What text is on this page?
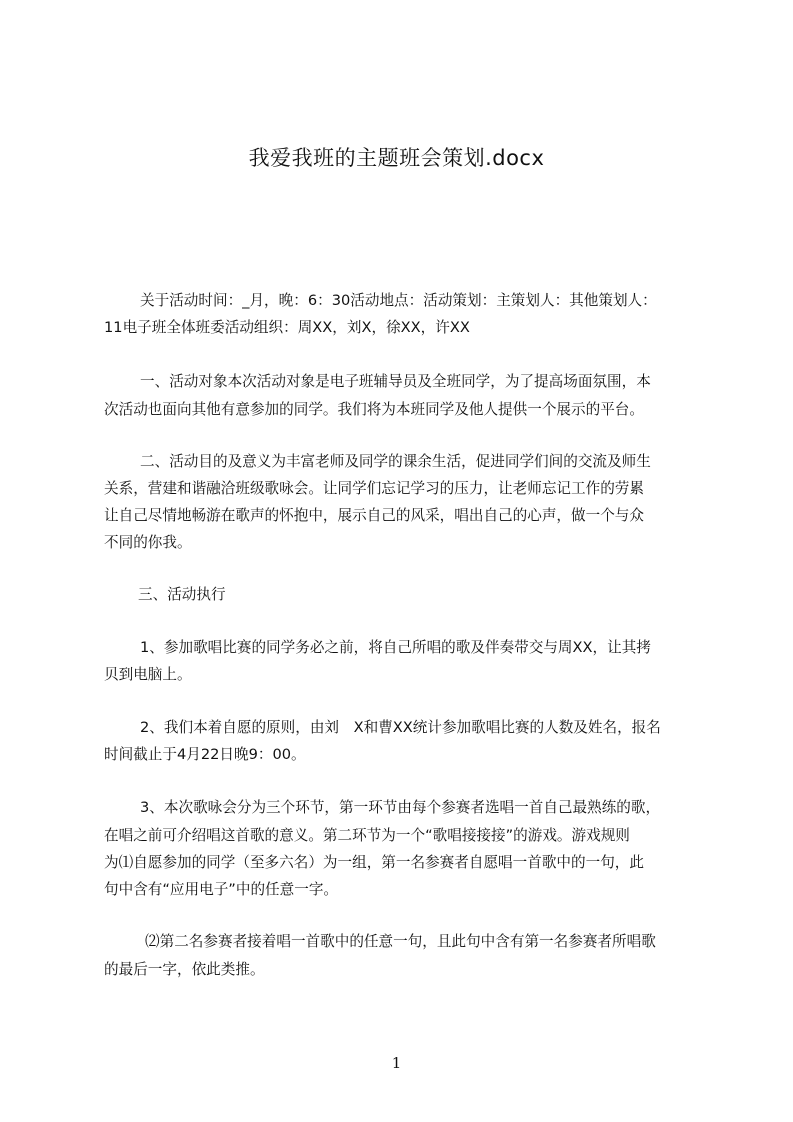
我爱我班的主题班会策划.docx
关于活动时间：_月，晚：6：30活动地点：活动策划：主策划人：其他策划人：
11电子班全体班委活动组织：周XX，刘X，徐XX，许XX
一、活动对象本次活动对象是电子班辅导员及全班同学，为了提高场面氛围，本
次活动也面向其他有意参加的同学。我们将为本班同学及他人提供一个展示的平台。
二、活动目的及意义为丰富老师及同学的课余生活，促进同学们间的交流及师生
关系，营建和谐融洽班级歌咏会。让同学们忘记学习的压力，让老师忘记工作的劳累
让自己尽情地畅游在歌声的怀抱中，展示自己的风采，唱出自己的心声，做一个与众
不同的你我。
三、活动执行
1、参加歌唱比赛的同学务必之前，将自己所唱的歌及伴奏带交与周XX，让其拷
贝到电脑上。
2、我们本着自愿的原则，由刘　X和曹XX统计参加歌唱比赛的人数及姓名，报名
时间截止于4月22日晚9：00。
3、本次歌咏会分为三个环节，第一环节由每个参赛者选唱一首自己最熟练的歌，
在唱之前可介绍唱这首歌的意义。第二环节为一个“歌唱接接接”的游戏。游戏规则
为⑴自愿参加的同学（至多六名）为一组，第一名参赛者自愿唱一首歌中的一句，此
句中含有“应用电子”中的任意一字。
⑵第二名参赛者接着唱一首歌中的任意一句，且此句中含有第一名参赛者所唱歌
的最后一字，依此类推。
1
